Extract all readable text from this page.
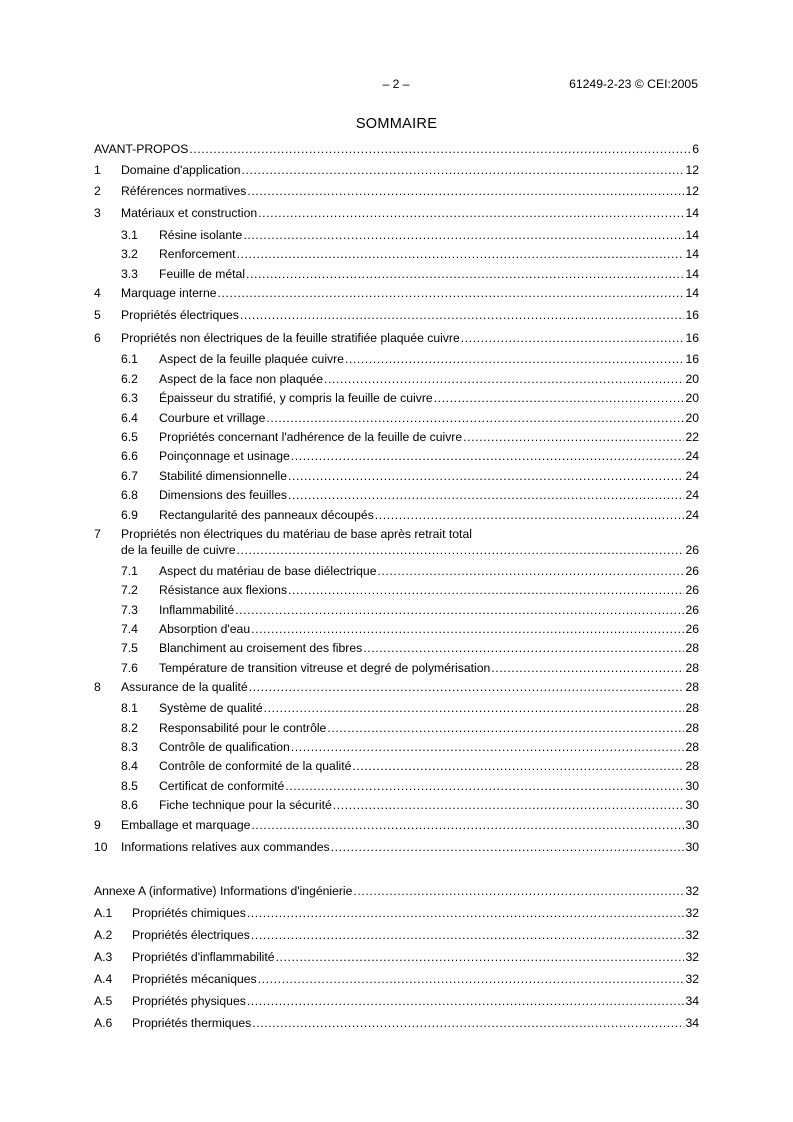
– 2 –	61249-2-23 © CEI:2005
SOMMAIRE
AVANT-PROPOS .....	6
1	Domaine d'application .....	12
2	Références normatives .....	12
3	Matériaux et construction .....	14
3.1	Résine isolante .....	14
3.2	Renforcement .....	14
3.3	Feuille de métal .....	14
4	Marquage interne .....	14
5	Propriétés électriques .....	16
6	Propriétés non électriques de la feuille stratifiée plaquée cuivre .....	16
6.1	Aspect de la feuille plaquée cuivre .....	16
6.2	Aspect de la face non plaquée .....	20
6.3	Épaisseur du stratifié, y compris la feuille de cuivre .....	20
6.4	Courbure et vrillage .....	20
6.5	Propriétés concernant l'adhérence de la feuille de cuivre .....	22
6.6	Poinçonnage et usinage .....	24
6.7	Stabilité dimensionnelle .....	24
6.8	Dimensions des feuilles .....	24
6.9	Rectangularité des panneaux découpés .....	24
7	Propriétés non électriques du matériau de base après retrait total
de la feuille de cuivre .....	26
7.1	Aspect du matériau de base diélectrique .....	26
7.2	Résistance aux flexions .....	26
7.3	Inflammabilité .....	26
7.4	Absorption d'eau .....	26
7.5	Blanchiment au croisement des fibres .....	28
7.6	Température de transition vitreuse et degré de polymérisation .....	28
8	Assurance de la qualité .....	28
8.1	Système de qualité .....	28
8.2	Responsabilité pour le contrôle .....	28
8.3	Contrôle de qualification .....	28
8.4	Contrôle de conformité de la qualité .....	28
8.5	Certificat de conformité .....	30
8.6	Fiche technique pour la sécurité .....	30
9	Emballage et marquage .....	30
10	Informations relatives aux commandes .....	30
Annexe A (informative) Informations d'ingénierie .....	32
A.1	Propriétés chimiques .....	32
A.2	Propriétés électriques .....	32
A.3	Propriétés d'inflammabilité .....	32
A.4	Propriétés mécaniques .....	32
A.5	Propriétés physiques .....	34
A.6	Propriétés thermiques .....	34
